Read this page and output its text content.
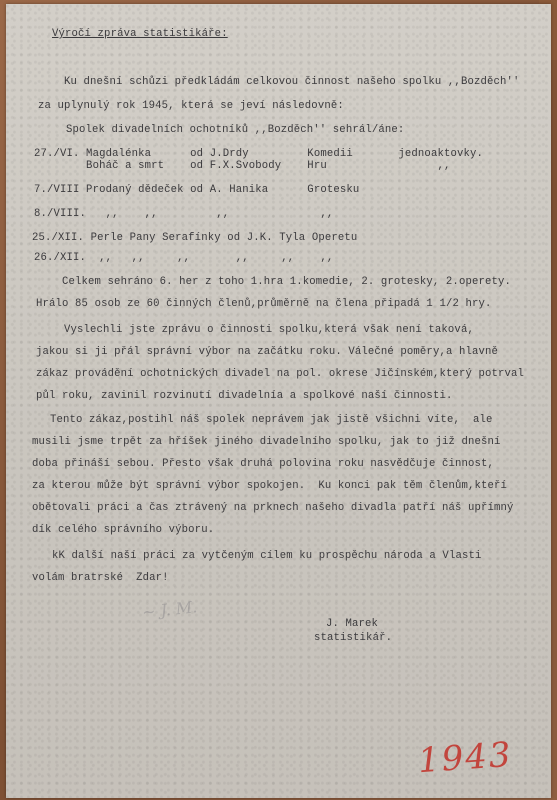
Výročí zpráva statistikáře:
Ku dnešní schůzi předkládám celkovou činnost našeho spolku ,,Bozděch''
za uplynulý rok 1945, která se jeví následovně:
Spolek divadelních ochotníků ,,Bozděch'' sehrál/áne:
27./VI. Magdalénka      od J.Drdy         Komedii       jednoaktovky.
Boháč a smrt    od F.X.Svobody    Hru                 ,,
7./VIII Prodaný dědeček od A. Hanika      Grotesku
8./VIII.   ,,    ,,         ,,              ,,
25./XII. Perle Pany Serafínky od J.K. Tyla Operetu
26./XII.  ,,   ,,     ,,       ,,     ,,    ,,
Celkem sehráno 6. her z toho 1.hra 1.komedie, 2. grotesky, 2.operety.
Hrálo 85 osob ze 60 činných členů,průměrně na člena připadá 1 1/2 hry.
Vyslechli jste zprávu o činnosti spolku,která však není taková,
jakou si ji přál správní výbor na začátku roku. Válečné poměry,a hlavně
zákaz provádění ochotnických divadel na pol. okrese Jičínském,který potrval
půl roku, zavinil rozvinutí divadelnía a spolkové naší činnosti.
Tento zákaz,postihl náš spolek neprávem jak jistě všichni víte,  ale
musili jsme trpět za hříšek jiného divadelního spolku, jak to již dnešní
doba přináší sebou. Přesto však druhá polovina roku nasvědčuje činnost,
za kterou může být správní výbor spokojen.  Ku konci pak těm členům,kteří
obětovali práci a čas ztrávený na prknech našeho divadla patří náš upřímný
dík celého správního výboru.
kK další naší práci za vytčeným cílem ku prospěchu národa a Vlasti
volám bratrské  Zdar!
J. Marek
statistikář.
~ J. M.
1943
